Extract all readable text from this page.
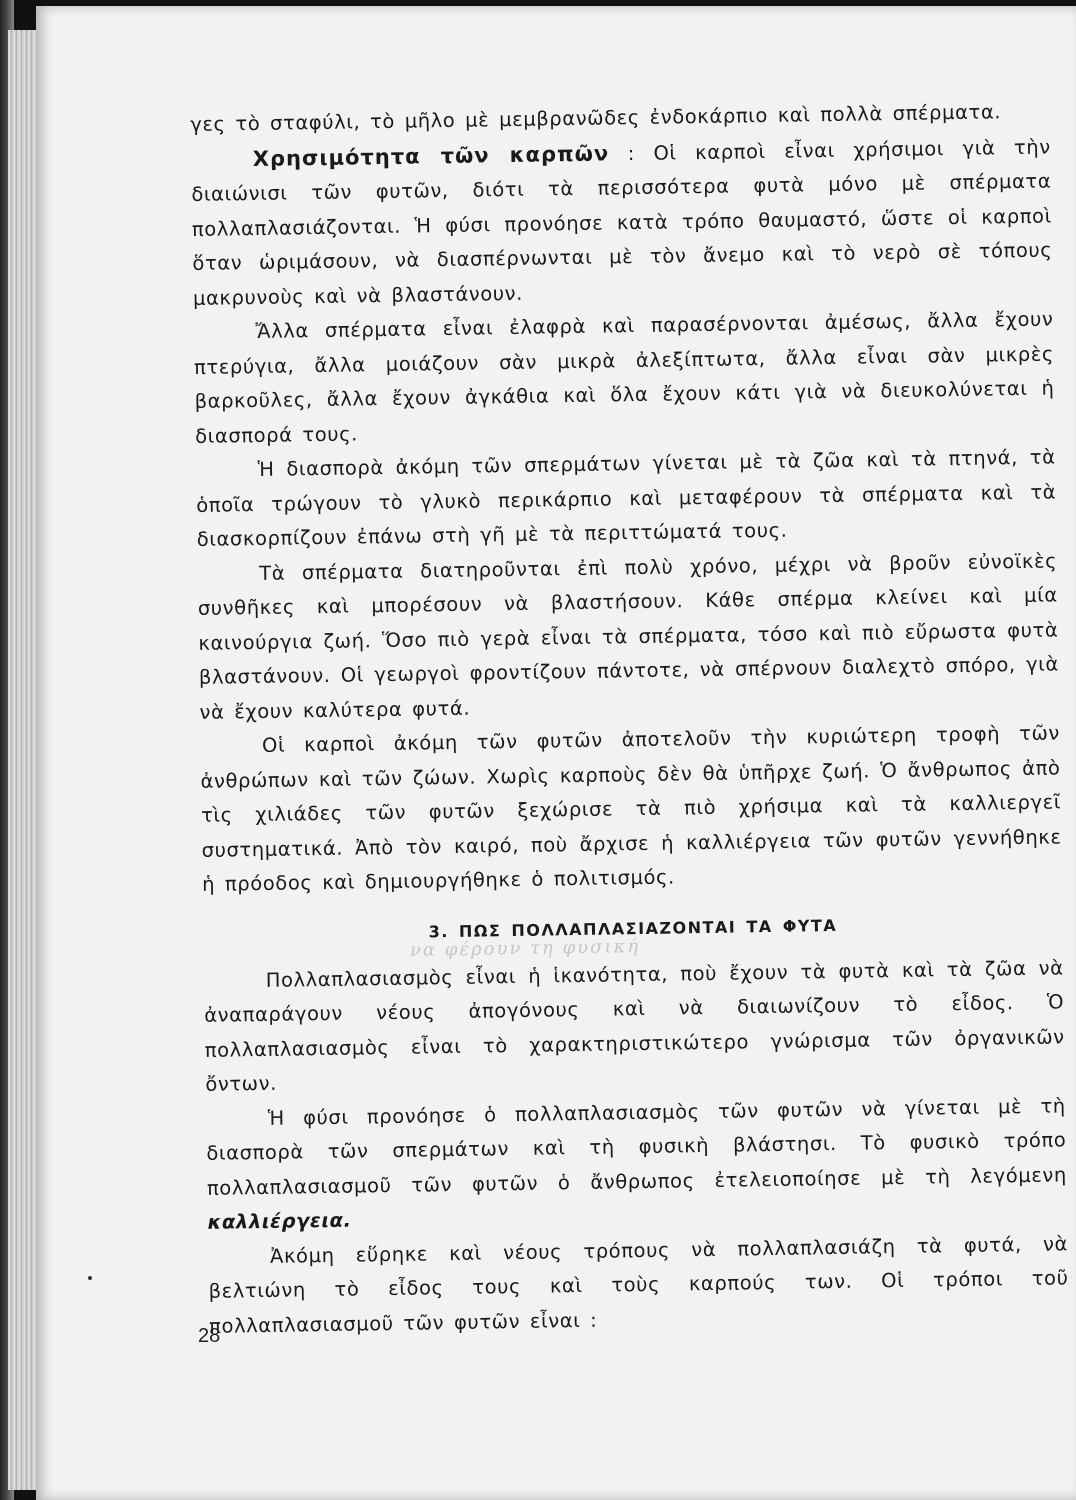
γες τὸ σταφύλι, τὸ μῆλο μὲ μεμβρανῶδες ἐνδοκάρπιο καὶ πολλὰ σπέρματα.

Χρησιμότητα τῶν καρπῶν : Οἱ καρποὶ εἶναι χρήσιμοι γιὰ τὴν διαιώνισι τῶν φυτῶν, διότι τὰ περισσότερα φυτὰ μόνο μὲ σπέρματα πολλαπλασιάζονται. Ἡ φύσι προνόησε κατὰ τρόπο θαυμαστό, ὥστε οἱ καρποὶ ὅταν ὡριμάσουν, νὰ διασπέρνωνται μὲ τὸν ἄνεμο καὶ τὸ νερὸ σὲ τόπους μακρυνοὺς καὶ νὰ βλαστάνουν.

Ἄλλα σπέρματα εἶναι ἐλαφρὰ καὶ παρασέρνονται ἀμέσως, ἄλλα ἔχουν πτερύγια, ἄλλα μοιάζουν σὰν μικρὰ ἀλεξίπτωτα, ἄλλα εἶναι σὰν μικρὲς βαρκοῦλες, ἄλλα ἔχουν ἀγκάθια καὶ ὅλα ἔχουν κάτι γιὰ νὰ διευκολύνεται ἡ διασπορά τους.

Ἡ διασπορὰ ἀκόμη τῶν σπερμάτων γίνεται μὲ τὰ ζῶα καὶ τὰ πτηνά, τὰ ὁποῖα τρώγουν τὸ γλυκὸ περικάρπιο καὶ μεταφέρουν τὰ σπέρματα καὶ τὰ διασκορπίζουν ἐπάνω στὴ γῆ μὲ τὰ περιττώματά τους.

Τὰ σπέρματα διατηροῦνται ἐπὶ πολὺ χρόνο, μέχρι νὰ βροῦν εὐνοϊκὲς συνθῆκες καὶ μπορέσουν νὰ βλαστήσουν. Κάθε σπέρμα κλείνει καὶ μία καινούργια ζωή. Ὅσο πιὸ γερὰ εἶναι τὰ σπέρματα, τόσο καὶ πιὸ εὔρωστα φυτὰ βλαστάνουν. Οἱ γεωργοὶ φροντίζουν πάντοτε, νὰ σπέρνουν διαλεχτὸ σπόρο, γιὰ νὰ ἔχουν καλύτερα φυτά.

Οἱ καρποὶ ἀκόμη τῶν φυτῶν ἀποτελοῦν τὴν κυριώτερη τροφὴ τῶν ἀνθρώπων καὶ τῶν ζώων. Χωρὶς καρποὺς δὲν θὰ ὑπῆρχε ζωή. Ὁ ἄνθρωπος ἀπὸ τὶς χιλιάδες τῶν φυτῶν ξεχώρισε τὰ πιὸ χρήσιμα καὶ τὰ καλλιεργεῖ συστηματικά. Ἀπὸ τὸν καιρό, ποὺ ἄρχισε ἡ καλλιέργεια τῶν φυτῶν γεννήθηκε ἡ πρόοδος καὶ δημιουργήθηκε ὁ πολιτισμός.

3. ΠΩΣ ΠΟΛΛΑΠΛΑΣΙΑΖΟΝΤΑΙ ΤΑ ΦΥΤΑ

Πολλαπλασιασμὸς εἶναι ἡ ἱκανότητα, ποὺ ἔχουν τὰ φυτὰ καὶ τὰ ζῶα νὰ ἀναπαράγουν νέους ἀπογόνους καὶ νὰ διαιωνίζουν τὸ εἶδος. Ὁ πολλαπλασιασμὸς εἶναι τὸ χαρακτηριστικώτερο γνώρισμα τῶν ὀργανικῶν ὄντων.

Ἡ φύσι προνόησε ὁ πολλαπλασιασμὸς τῶν φυτῶν νὰ γίνεται μὲ τὴ διασπορὰ τῶν σπερμάτων καὶ τὴ φυσικὴ βλάστησι. Τὸ φυσικὸ τρόπο πολλαπλασιασμοῦ τῶν φυτῶν ὁ ἄνθρωπος ἐτελειοποίησε μὲ τὴ λεγόμενη καλλιέργεια.

Ἀκόμη εὕρηκε καὶ νέους τρόπους νὰ πολλαπλασιάζη τὰ φυτά, νὰ βελτιώνη τὸ εἶδος τους καὶ τοὺς καρπούς των. Οἱ τρόποι τοῦ πολλαπλασιασμοῦ τῶν φυτῶν εἶναι :

να φέρουν τη φυσική
28
